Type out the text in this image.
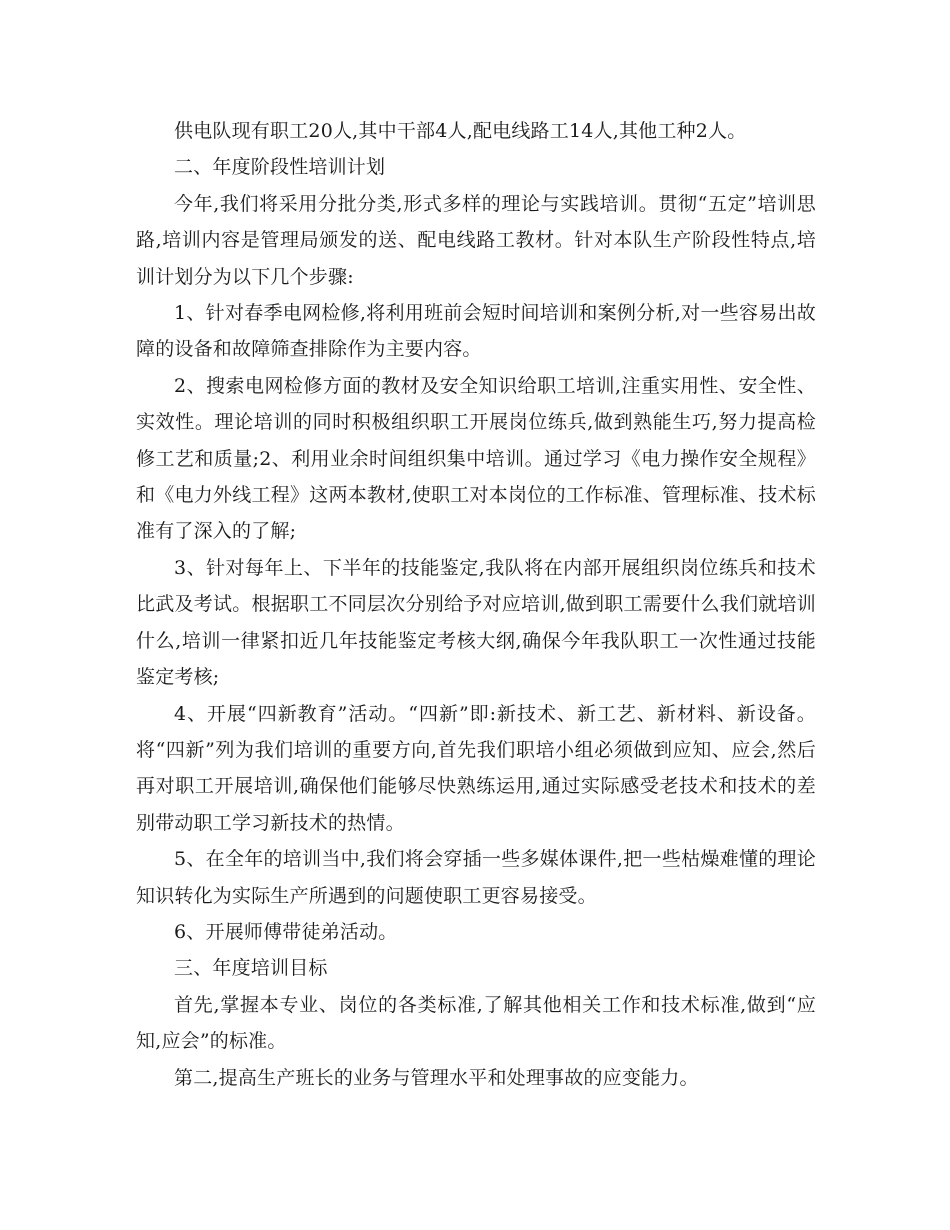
供电队现有职工20人,其中干部4人,配电线路工14人,其他工种2人。

二、年度阶段性培训计划

今年,我们将采用分批分类,形式多样的理论与实践培训。贯彻“五定”培训思路,培训内容是管理局颁发的送、配电线路工教材。针对本队生产阶段性特点,培训计划分为以下几个步骤:

1、针对春季电网检修,将利用班前会短时间培训和案例分析,对一些容易出故障的设备和故障筛查排除作为主要内容。

2、搜索电网检修方面的教材及安全知识给职工培训,注重实用性、安全性、实效性。理论培训的同时积极组织职工开展岗位练兵,做到熟能生巧,努力提高检修工艺和质量;2、利用业余时间组织集中培训。通过学习《电力操作安全规程》和《电力外线工程》这两本教材,使职工对本岗位的工作标准、管理标准、技术标准有了深入的了解;

3、针对每年上、下半年的技能鉴定,我队将在内部开展组织岗位练兵和技术比武及考试。根据职工不同层次分别给予对应培训,做到职工需要什么我们就培训什么,培训一律紧扣近几年技能鉴定考核大纲,确保今年我队职工一次性通过技能鉴定考核;

4、开展“四新教育”活动。“四新”即:新技术、新工艺、新材料、新设备。将“四新”列为我们培训的重要方向,首先我们职培小组必须做到应知、应会,然后再对职工开展培训,确保他们能够尽快熟练运用,通过实际感受老技术和技术的差别带动职工学习新技术的热情。

5、在全年的培训当中,我们将会穿插一些多媒体课件,把一些枯燥难懂的理论知识转化为实际生产所遇到的问题使职工更容易接受。

6、开展师傅带徒弟活动。

三、年度培训目标

首先,掌握本专业、岗位的各类标准,了解其他相关工作和技术标准,做到“应知,应会”的标准。

第二,提高生产班长的业务与管理水平和处理事故的应变能力。
